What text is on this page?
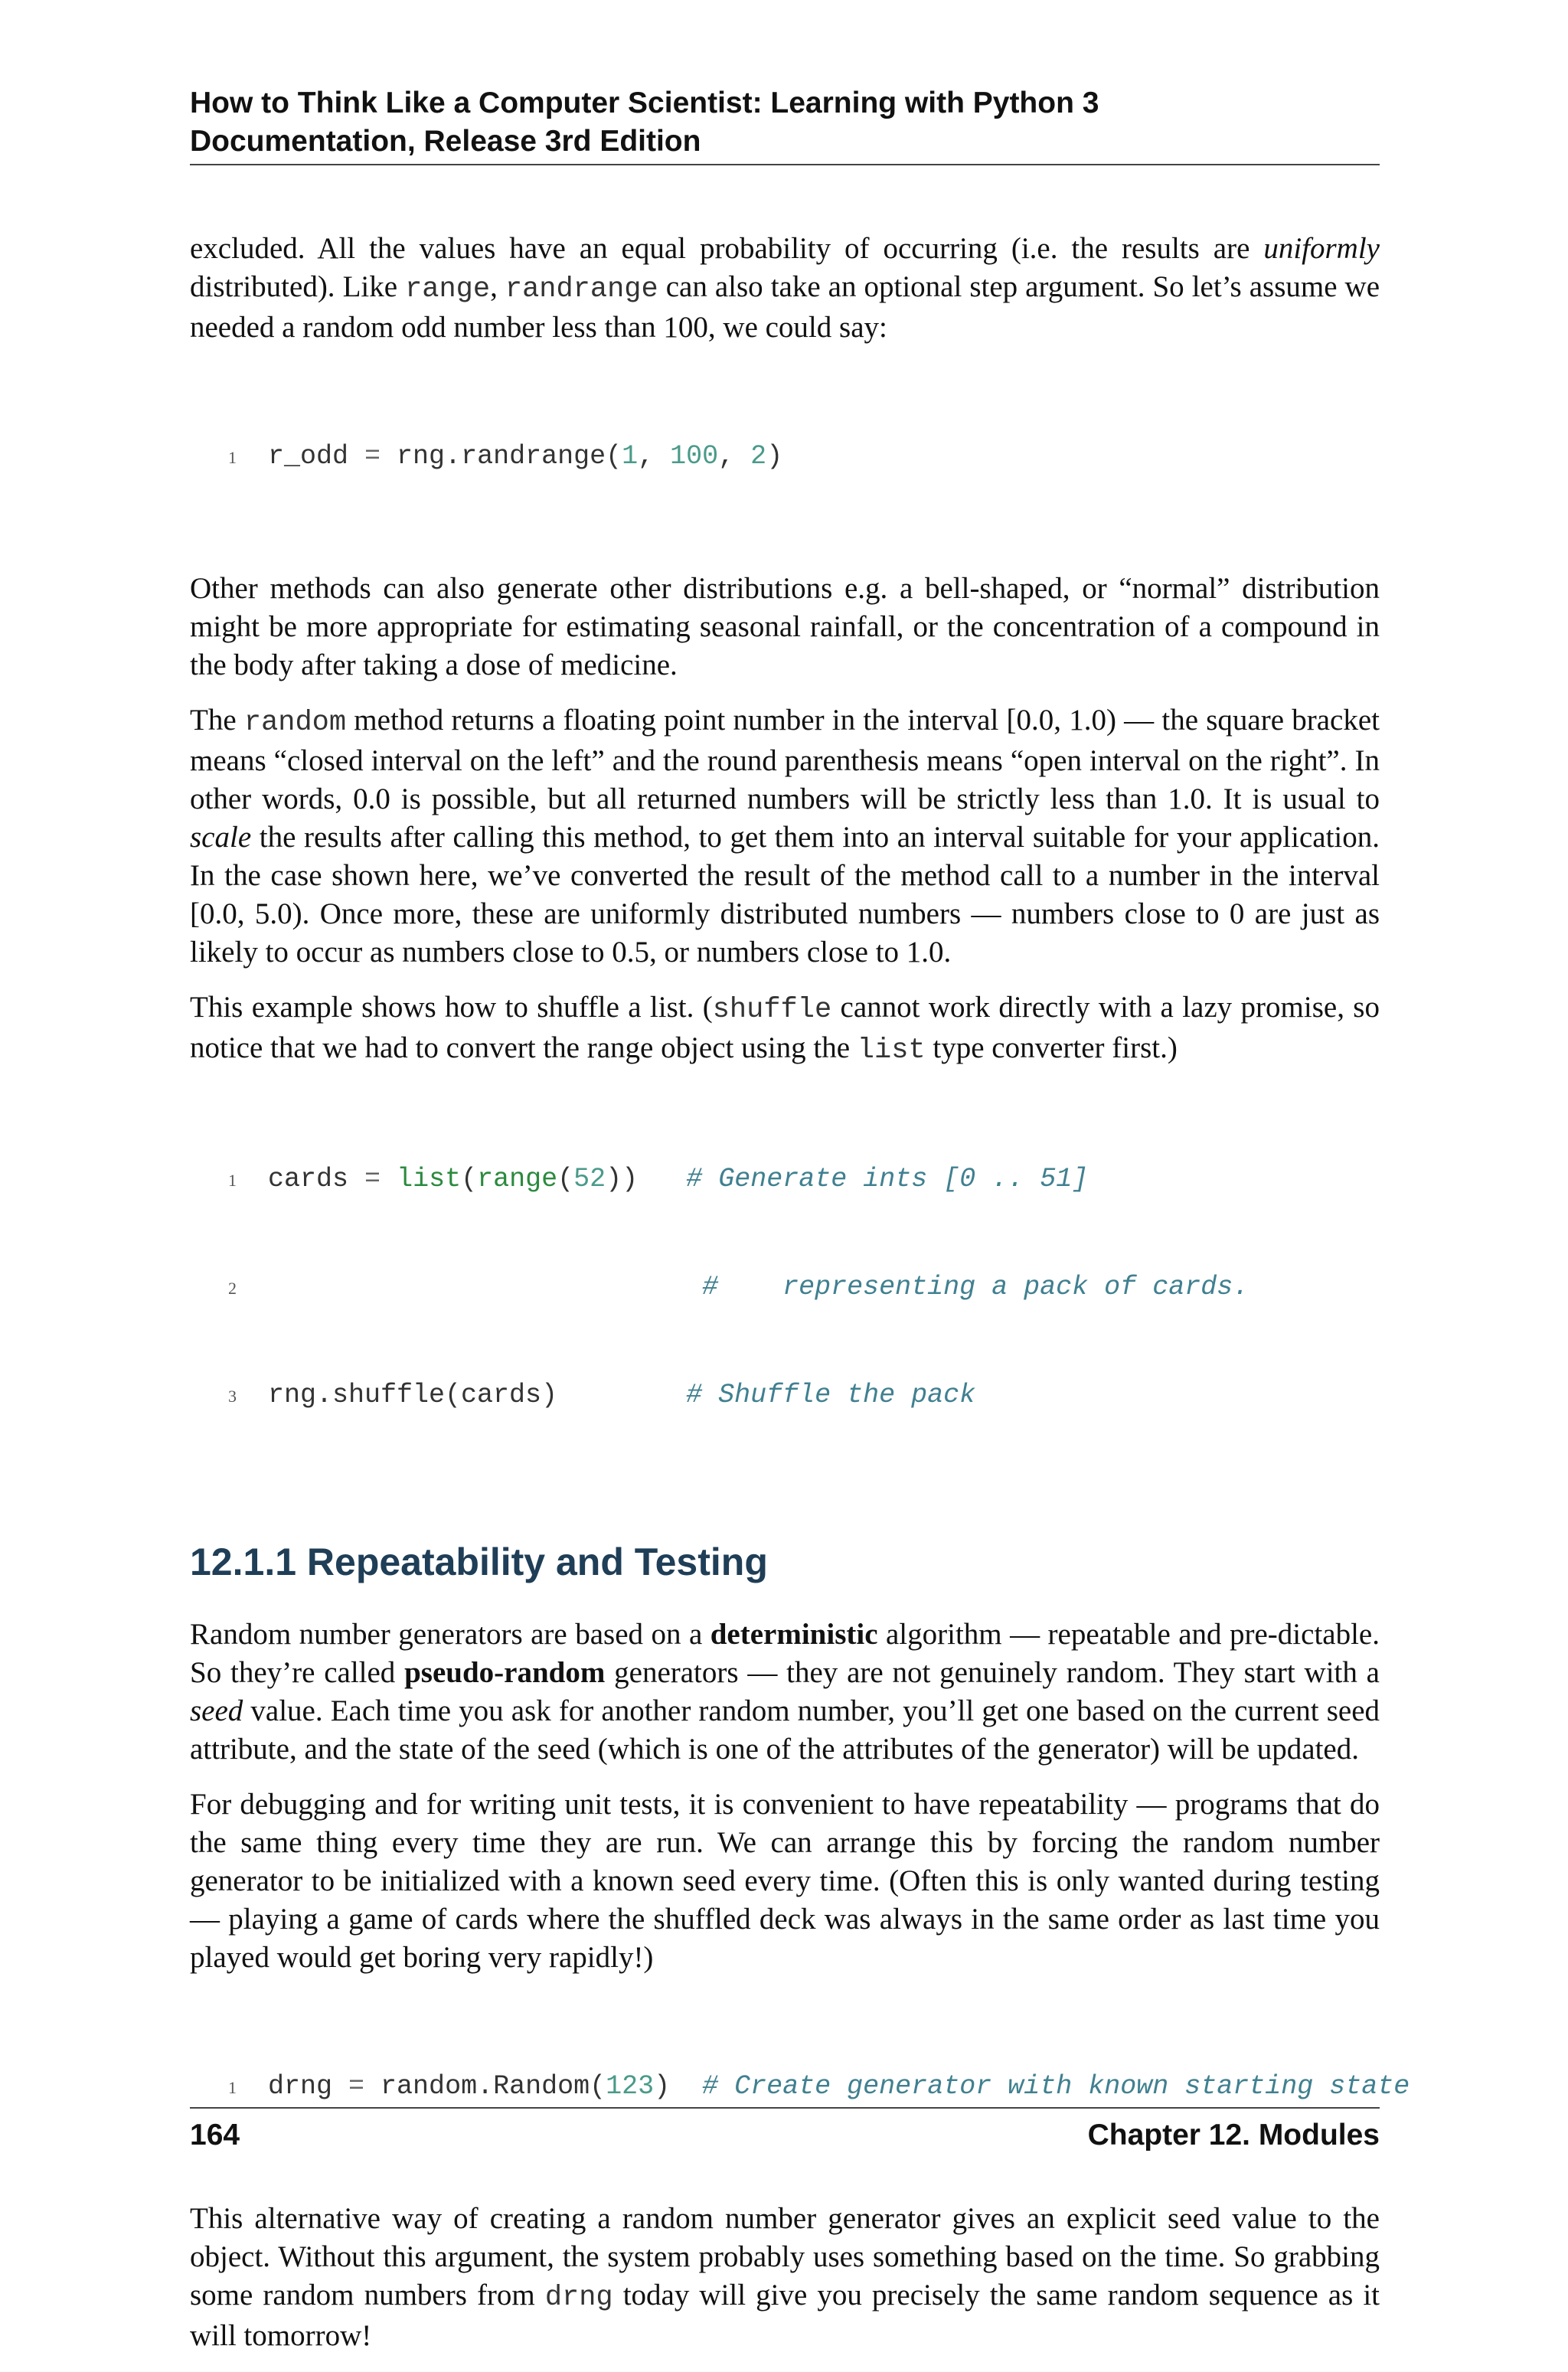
How to Think Like a Computer Scientist: Learning with Python 3
Documentation, Release 3rd Edition

excluded. All the values have an equal probability of occurring (i.e. the results are uniformly distributed). Like range, randrange can also take an optional step argument. So let’s assume we needed a random odd number less than 100, we could say:

1	r_odd = rng.randrange( 1 , 100 , 2 )

Other methods can also generate other distributions e.g. a bell-shaped, or “normal” distribution might be more appropriate for estimating seasonal rainfall, or the concentration of a compound in the body after taking a dose of medicine.

The random method returns a floating point number in the interval [0.0, 1.0) — the square bracket means “closed interval on the left” and the round parenthesis means “open interval on the right”. In other words, 0.0 is possible, but all returned numbers will be strictly less than 1.0. It is usual to scale the results after calling this method, to get them into an interval suitable for your application. In the case shown here, we’ve converted the result of the method call to a number in the interval [0.0, 5.0). Once more, these are uniformly distributed numbers — numbers close to 0 are just as likely to occur as numbers close to 0.5, or numbers close to 1.0.

This example shows how to shuffle a list. (shuffle cannot work directly with a lazy promise, so notice that we had to convert the range object using the list type converter first.)

1	cards =
list ( range ( 52 )) # Generate ints [0 .. 51]

2
	#    representing a pack of cards.

3	rng.shuffle(cards) # Shuffle the pack

12.1.1 Repeatability and Testing

Random number generators are based on a deterministic algorithm — repeatable and pre-dictable. So they’re called pseudo-random generators — they are not genuinely random. They start with a seed value. Each time you ask for another random number, you’ll get one based on the current seed attribute, and the state of the seed (which is one of the attributes of the generator) will be updated.

For debugging and for writing unit tests, it is convenient to have repeatability — programs that do the same thing every time they are run. We can arrange this by forcing the random number generator to be initialized with a known seed every time. (Often this is only wanted during testing — playing a game of cards where the shuffled deck was always in the same order as last time you played would get boring very rapidly!)

1	drng = random.Random( 123 ) # Create generator with known starting state

This alternative way of creating a random number generator gives an explicit seed value to the object. Without this argument, the system probably uses something based on the time. So grabbing some random numbers from drng today will give you precisely the same random sequence as it will tomorrow!

164	Chapter 12. Modules
